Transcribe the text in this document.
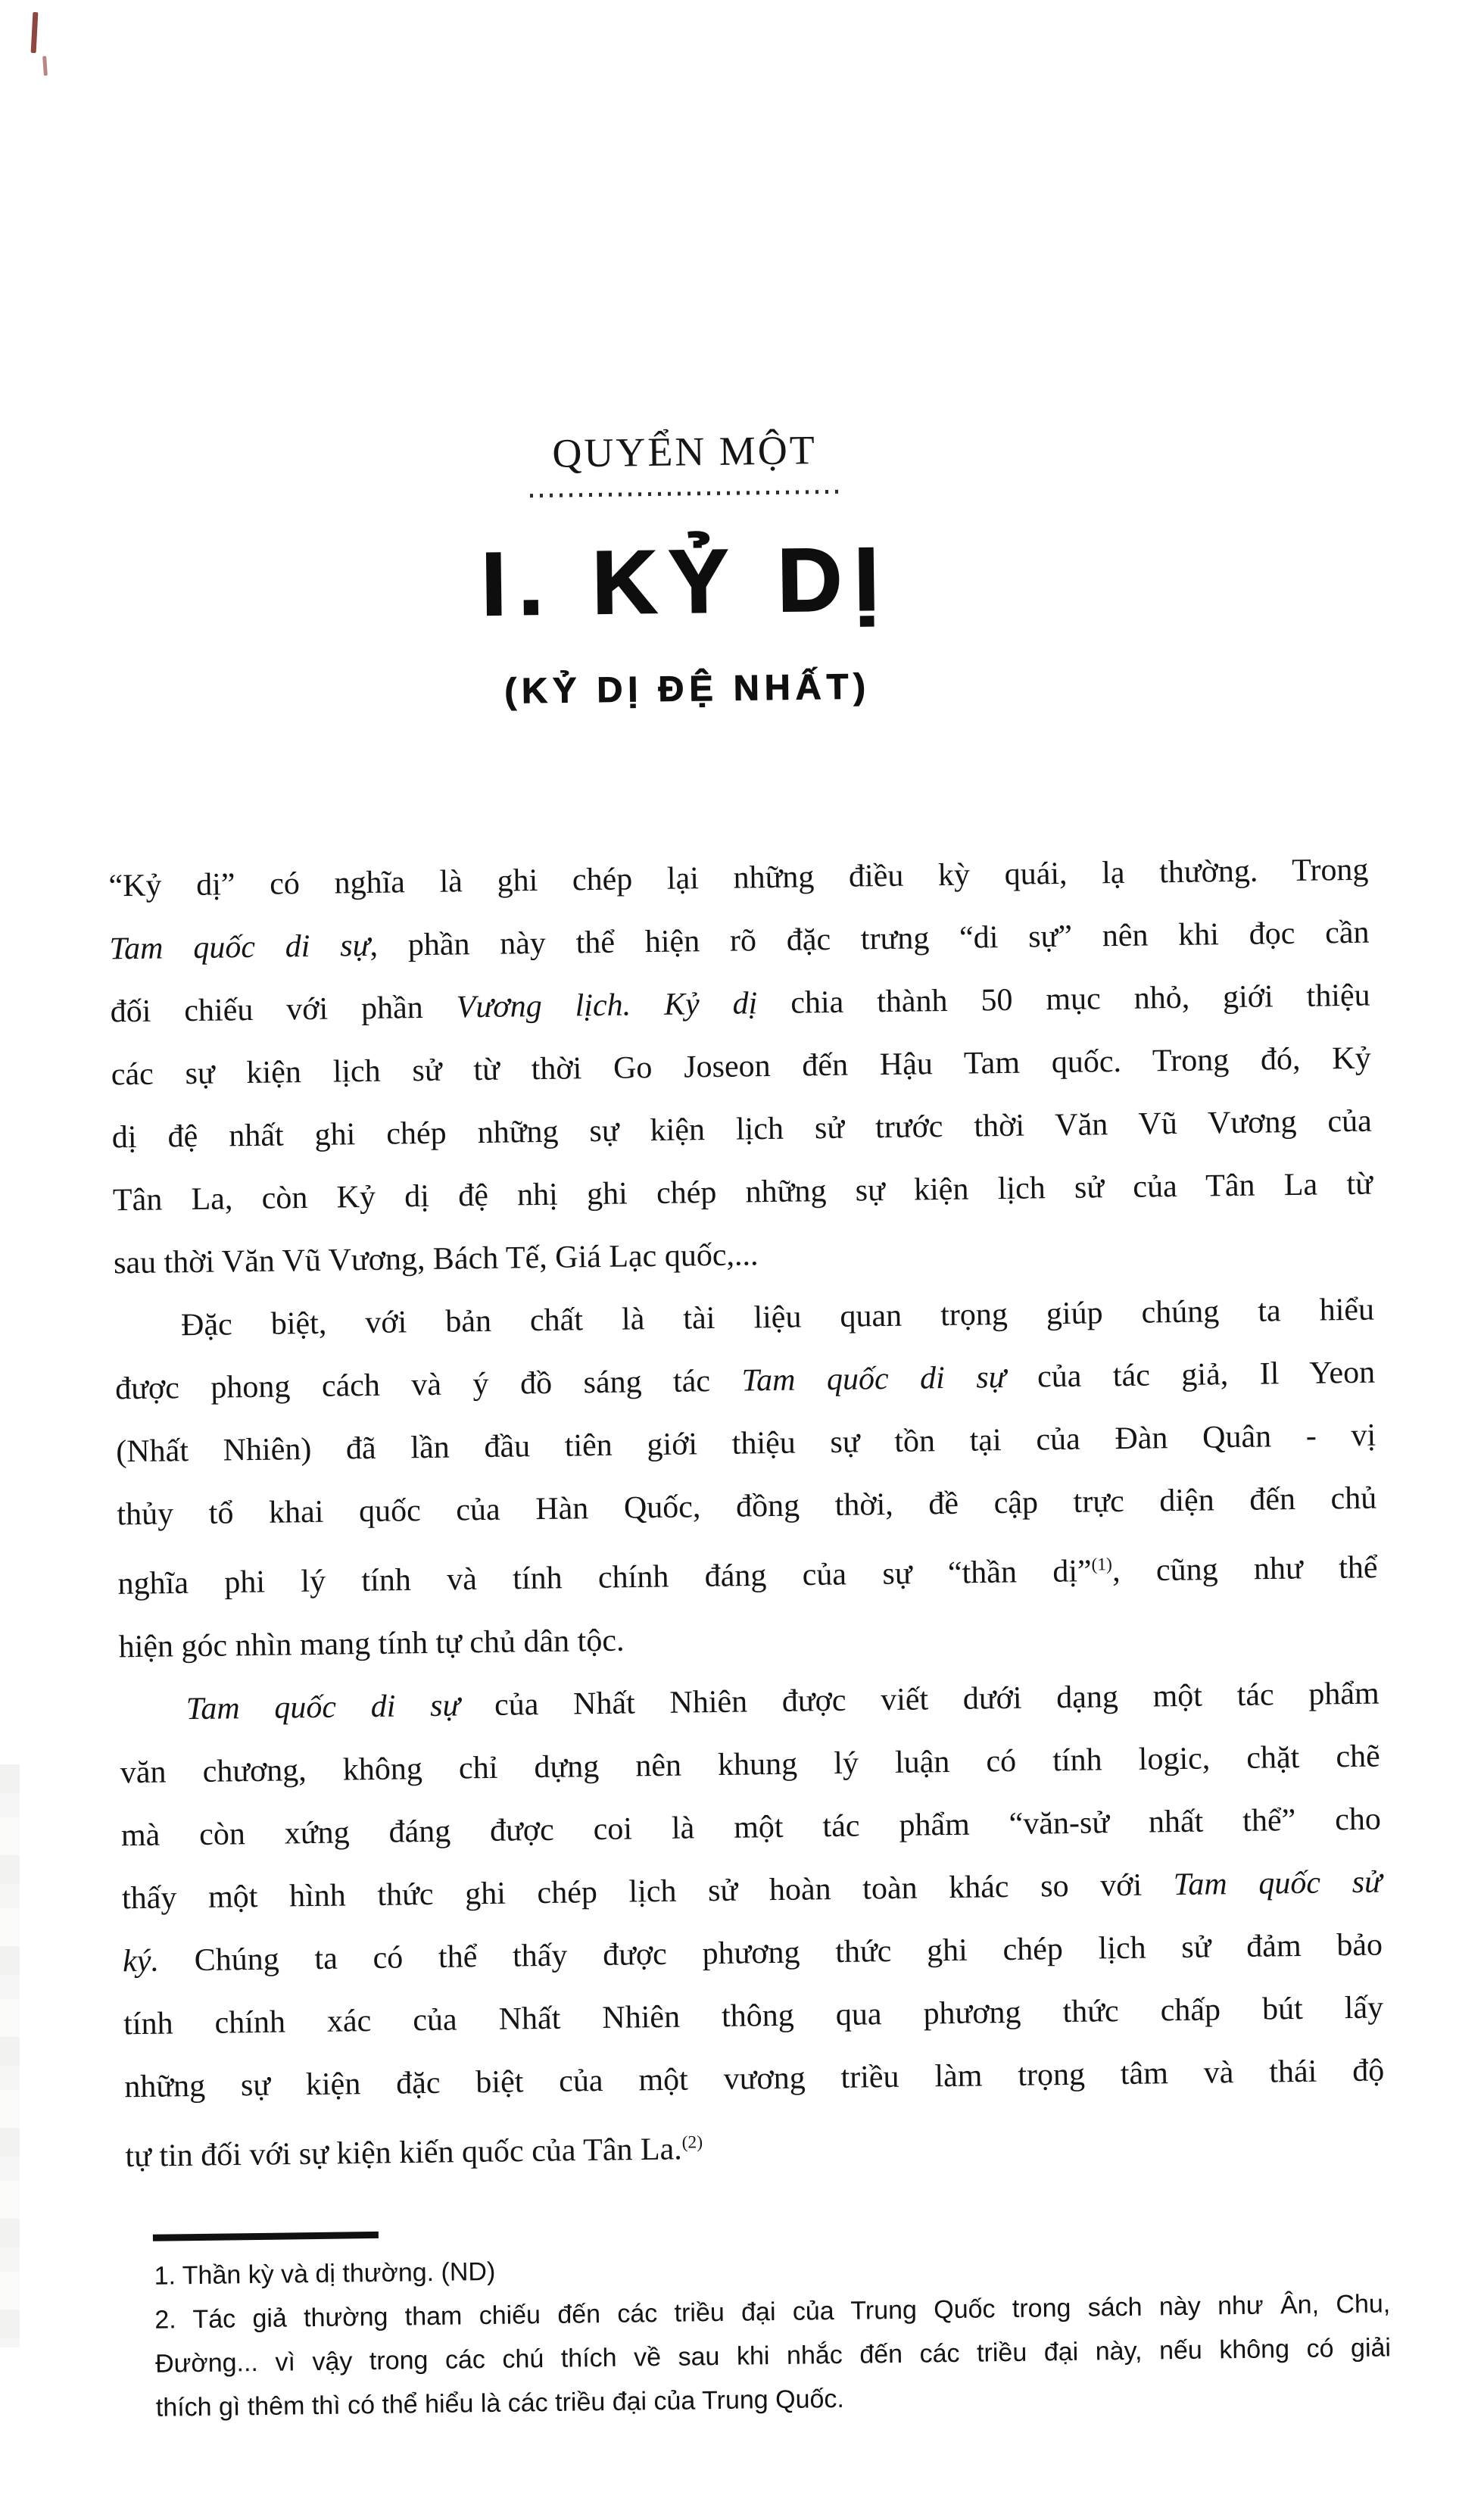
QUYỂN MỘT
I. KỶ DỊ
(KỶ DỊ ĐỆ NHẤT)
“Kỷ dị” có nghĩa là ghi chép lại những điều kỳ quái, lạ thường. Trong
Tam quốc di sự, phần này thể hiện rõ đặc trưng “di sự” nên khi đọc cần
đối chiếu với phần Vương lịch. Kỷ dị chia thành 50 mục nhỏ, giới thiệu
các sự kiện lịch sử từ thời Go Joseon đến Hậu Tam quốc. Trong đó, Kỷ
dị đệ nhất ghi chép những sự kiện lịch sử trước thời Văn Vũ Vương của
Tân La, còn Kỷ dị đệ nhị ghi chép những sự kiện lịch sử của Tân La từ
sau thời Văn Vũ Vương, Bách Tế, Giá Lạc quốc,...
Đặc biệt, với bản chất là tài liệu quan trọng giúp chúng ta hiểu
được phong cách và ý đồ sáng tác Tam quốc di sự của tác giả, Il Yeon
(Nhất Nhiên) đã lần đầu tiên giới thiệu sự tồn tại của Đàn Quân - vị
thủy tổ khai quốc của Hàn Quốc, đồng thời, đề cập trực diện đến chủ
nghĩa phi lý tính và tính chính đáng của sự “thần dị”$^{(1)}$, cũng như thể
hiện góc nhìn mang tính tự chủ dân tộc.
Tam quốc di sự của Nhất Nhiên được viết dưới dạng một tác phẩm
văn chương, không chỉ dựng nên khung lý luận có tính logic, chặt chẽ
mà còn xứng đáng được coi là một tác phẩm “văn-sử nhất thể” cho
thấy một hình thức ghi chép lịch sử hoàn toàn khác so với Tam quốc sử
ký. Chúng ta có thể thấy được phương thức ghi chép lịch sử đảm bảo
tính chính xác của Nhất Nhiên thông qua phương thức chấp bút lấy
những sự kiện đặc biệt của một vương triều làm trọng tâm và thái độ
tự tin đối với sự kiện kiến quốc của Tân La.$^{(2)}$
1. Thần kỳ và dị thường. (ND)
2. Tác giả thường tham chiếu đến các triều đại của Trung Quốc trong sách này như Ân, Chu,
Đường... vì vậy trong các chú thích về sau khi nhắc đến các triều đại này, nếu không có giải
thích gì thêm thì có thể hiểu là các triều đại của Trung Quốc.
